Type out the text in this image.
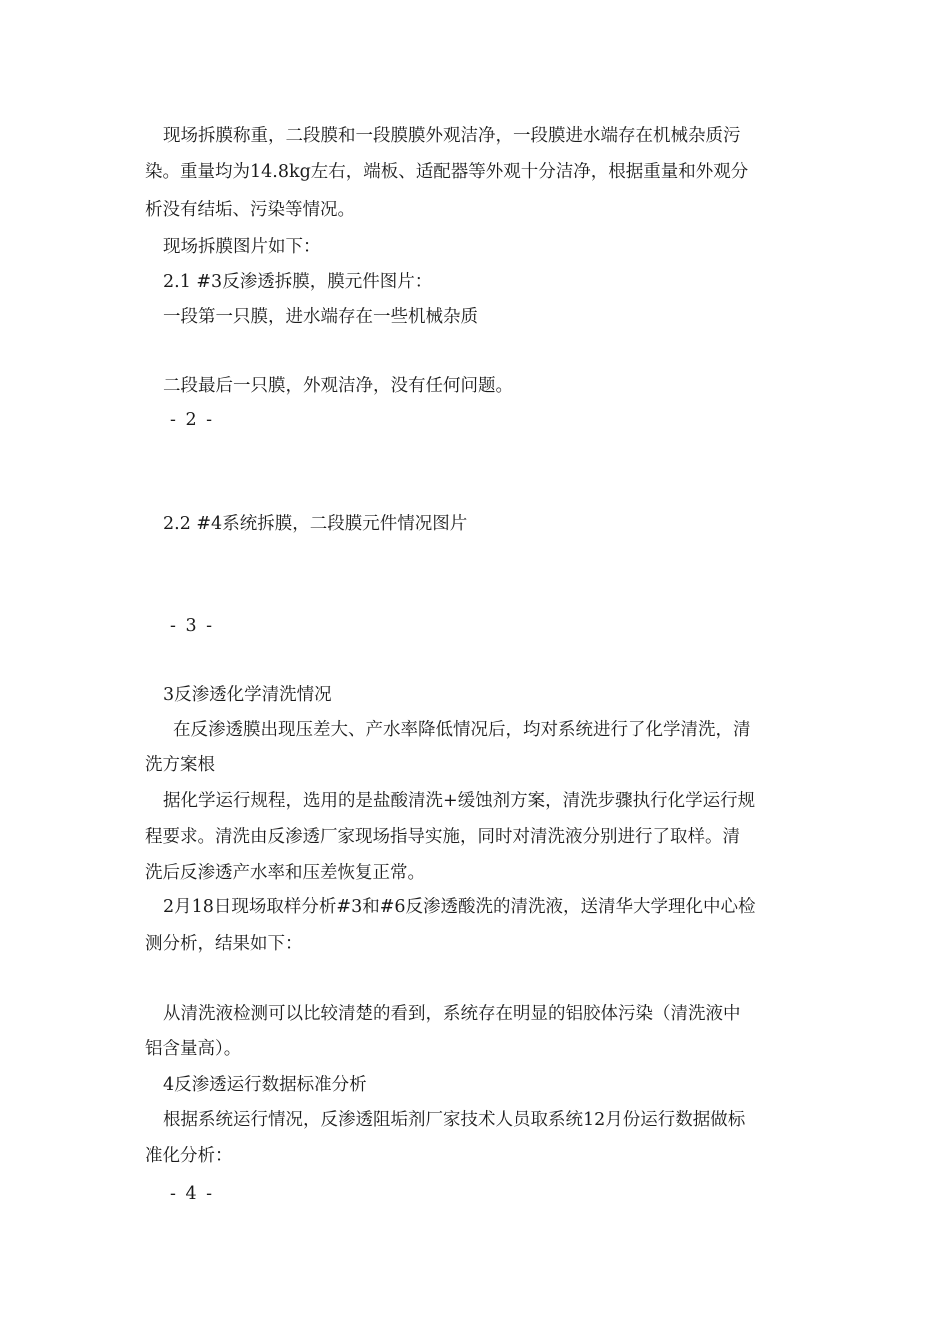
现场拆膜称重，二段膜和一段膜膜外观洁净，一段膜进水端存在机械杂质污
染。重量均为14.8kg左右，端板、适配器等外观十分洁净，根据重量和外观分
析没有结垢、污染等情况。
现场拆膜图片如下：
2.1 #3反渗透拆膜，膜元件图片：
一段第一只膜，进水端存在一些机械杂质
二段最后一只膜，外观洁净，没有任何问题。
- 2 -
2.2 #4系统拆膜，二段膜元件情况图片
- 3 -
3反渗透化学清洗情况
在反渗透膜出现压差大、产水率降低情况后，均对系统进行了化学清洗，清
洗方案根
据化学运行规程，选用的是盐酸清洗+缓蚀剂方案，清洗步骤执行化学运行规
程要求。清洗由反渗透厂家现场指导实施，同时对清洗液分别进行了取样。清
洗后反渗透产水率和压差恢复正常。
2月18日现场取样分析#3和#6反渗透酸洗的清洗液，送清华大学理化中心检
测分析，结果如下：
从清洗液检测可以比较清楚的看到，系统存在明显的铝胶体污染（清洗液中
铝含量高）。
4反渗透运行数据标准分析
根据系统运行情况，反渗透阻垢剂厂家技术人员取系统12月份运行数据做标
准化分析：
- 4 -
